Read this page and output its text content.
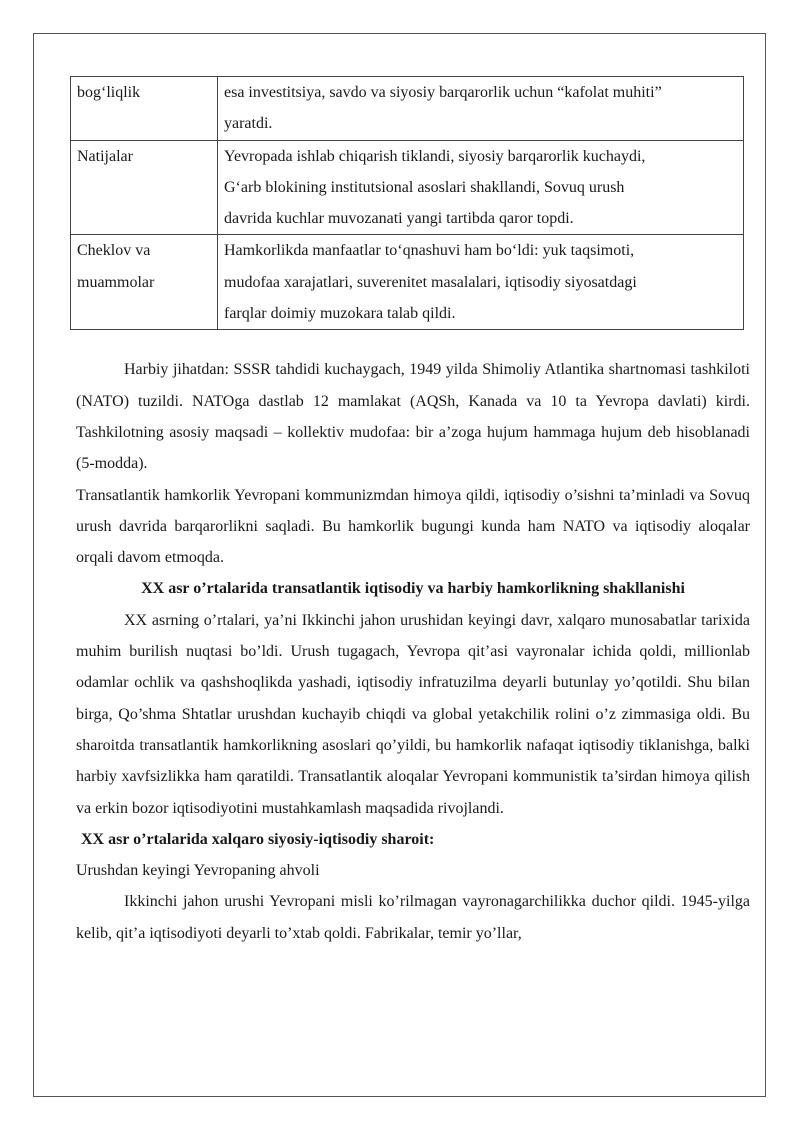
bog‘liqlik	esa investitsiya, savdo va siyosiy barqarorlik uchun “kafolat muhiti”
yaratdi.
Natijalar	Yevropada ishlab chiqarish tiklandi, siyosiy barqarorlik kuchaydi,
G‘arb blokining institutsional asoslari shakllandi, Sovuq urush
davrida kuchlar muvozanati yangi tartibda qaror topdi.
Cheklov va
muammolar	Hamkorlikda manfaatlar to‘qnashuvi ham bo‘ldi: yuk taqsimoti,
mudofaa xarajatlari, suverenitet masalalari, iqtisodiy siyosatdagi
farqlar doimiy muzokara talab qildi.

Harbiy jihatdan: SSSR tahdidi kuchaygach, 1949 yilda Shimoliy Atlantika shartnomasi tashkiloti (NATO) tuzildi. NATOga dastlab 12 mamlakat (AQSh, Kanada va 10 ta Yevropa davlati) kirdi. Tashkilotning asosiy maqsadi – kollektiv mudofaa: bir a’zoga hujum hammaga hujum deb hisoblanadi (5-modda).

Transatlantik hamkorlik Yevropani kommunizmdan himoya qildi, iqtisodiy o’sishni ta’minladi va Sovuq urush davrida barqarorlikni saqladi. Bu hamkorlik bugungi kunda ham NATO va iqtisodiy aloqalar orqali davom etmoqda.

XX asr o’rtalarida transatlantik iqtisodiy va harbiy hamkorlikning shakllanishi

XX asrning o’rtalari, ya’ni Ikkinchi jahon urushidan keyingi davr, xalqaro munosabatlar tarixida muhim burilish nuqtasi bo’ldi. Urush tugagach, Yevropa qit’asi vayronalar ichida qoldi, millionlab odamlar ochlik va qashshoqlikda yashadi, iqtisodiy infratuzilma deyarli butunlay yo’qotildi. Shu bilan birga, Qo’shma Shtatlar urushdan kuchayib chiqdi va global yetakchilik rolini o’z zimmasiga oldi. Bu sharoitda transatlantik hamkorlikning asoslari qo’yildi, bu hamkorlik nafaqat iqtisodiy tiklanishga, balki harbiy xavfsizlikka ham qaratildi. Transatlantik aloqalar Yevropani kommunistik ta’sirdan himoya qilish va erkin bozor iqtisodiyotini mustahkamlash maqsadida rivojlandi.

XX asr o’rtalarida xalqaro siyosiy-iqtisodiy sharoit:

Urushdan keyingi Yevropaning ahvoli

Ikkinchi jahon urushi Yevropani misli ko’rilmagan vayronagarchilikka duchor qildi. 1945-yilga kelib, qit’a iqtisodiyoti deyarli to’xtab qoldi. Fabrikalar, temir yo’llar,
